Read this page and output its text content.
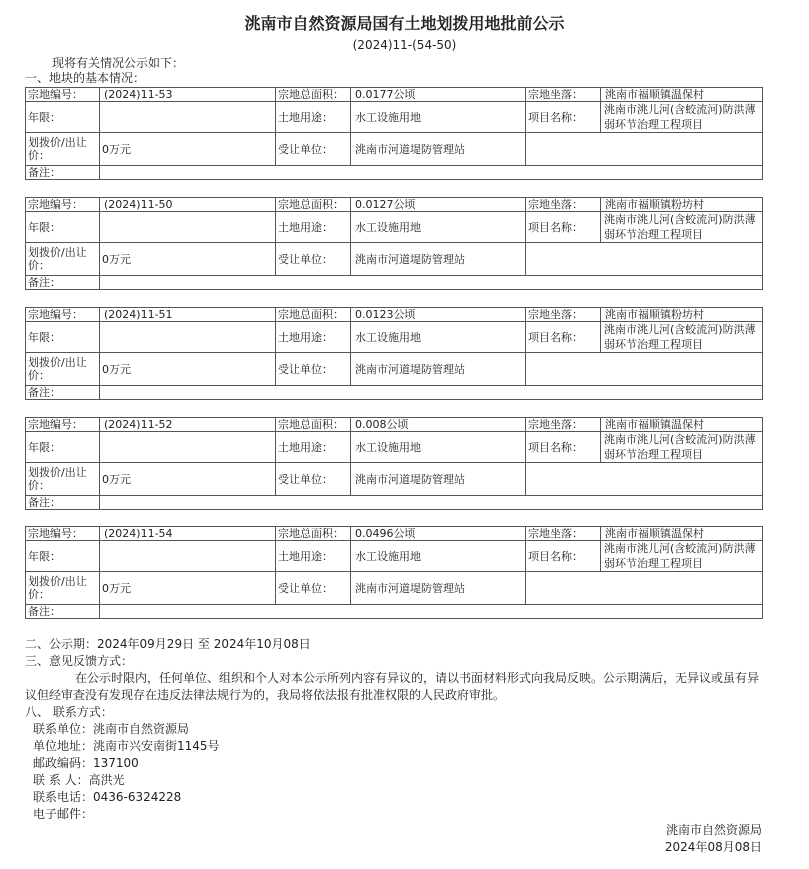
洮南市自然资源局国有土地划拨用地批前公示
(2024)11-(54-50)
现将有关情况公示如下：
一、地块的基本情况：
宗地编号：	(2024)11-53	宗地总面积：	0.0177公顷	宗地坐落：	洮南市福顺镇温保村
年限：		土地用途：	水工设施用地	项目名称：	洮南市洮儿河(含蛟流河)防洪薄弱环节治理工程项目
划拨价/出让价：	0万元	受让单位：	洮南市河道堤防管理站		
备注：					
宗地编号：	(2024)11-50	宗地总面积：	0.0127公顷	宗地坐落：	洮南市福顺镇粉坊村
年限：		土地用途：	水工设施用地	项目名称：	洮南市洮儿河(含蛟流河)防洪薄弱环节治理工程项目
划拨价/出让价：	0万元	受让单位：	洮南市河道堤防管理站		
备注：					
宗地编号：	(2024)11-51	宗地总面积：	0.0123公顷	宗地坐落：	洮南市福顺镇粉坊村
年限：		土地用途：	水工设施用地	项目名称：	洮南市洮儿河(含蛟流河)防洪薄弱环节治理工程项目
划拨价/出让价：	0万元	受让单位：	洮南市河道堤防管理站		
备注：					
宗地编号：	(2024)11-52	宗地总面积：	0.008公顷	宗地坐落：	洮南市福顺镇温保村
年限：		土地用途：	水工设施用地	项目名称：	洮南市洮儿河(含蛟流河)防洪薄弱环节治理工程项目
划拨价/出让价：	0万元	受让单位：	洮南市河道堤防管理站		
备注：					
宗地编号：	(2024)11-54	宗地总面积：	0.0496公顷	宗地坐落：	洮南市福顺镇温保村
年限：		土地用途：	水工设施用地	项目名称：	洮南市洮儿河(含蛟流河)防洪薄弱环节治理工程项目
划拨价/出让价：	0万元	受让单位：	洮南市河道堤防管理站		
备注：					
二、公示期：2024年09月29日 至 2024年10月08日
三、意见反馈方式：
在公示时限内，任何单位、组织和个人对本公示所列内容有异议的，请以书面材料形式向我局反映。公示期满后，无异议或虽有异议但经审查没有发现存在违反法律法规行为的，我局将依法报有批准权限的人民政府审批。
八、 联系方式：
联系单位：洮南市自然资源局
单位地址：洮南市兴安南街1145号
邮政编码：137100
联 系 人：高洪光
联系电话：0436-6324228
电子邮件：
洮南市自然资源局
2024年08月08日
